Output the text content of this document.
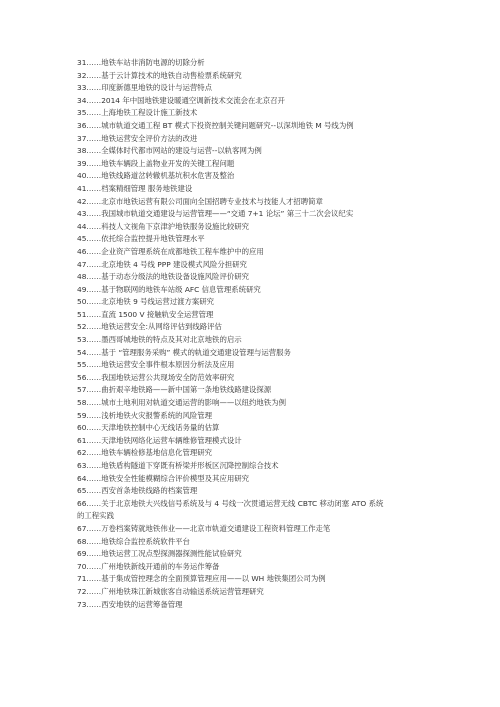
31……地铁车站非消防电源的切除分析
32……基于云计算技术的地铁自动售检票系统研究
33……印度新德里地铁的设计与运营特点
34……2014 年中国地铁建设暖通空调新技术交流会在北京召开
35……上海地铁工程设计施工新技术
36……城市轨道交通工程 BT 模式下投资控制关键问题研究--以深圳地铁 M 号线为例
37……地铁运营安全评价方法的改进
38……全媒体时代都市网站的建设与运营--以轨客网为例
39……地铁车辆段上盖物业开发的关键工程问题
40……地铁线路道岔转辙机基坑积水危害及整治
41……档案精细管理 服务地铁建设
42……北京市地铁运营有限公司面向全国招聘专业技术与技能人才招聘简章
43……我国城市轨道交通建设与运营管理——“交通 7+1 论坛” 第三十二次会议纪实
44……科技人文视角下京津沪地铁服务设施比较研究
45……依托综合监控提升地铁管理水平
46……企业资产管理系统在成都地铁工程车维护中的应用
47……北京地铁 4 号线 PPP 建设模式风险分担研究
48……基于动态分级法的地铁设备设施风险评价研究
49……基于物联网的地铁车站级 AFC 信息管理系统研究
50……北京地铁 9 号线运营过渡方案研究
51……直流 1500 V 接触轨安全运营管理
52……地铁运营安全:从网络评估到线路评估
53……墨西哥城地铁的特点及其对北京地铁的启示
54……基于 “管理服务采购” 模式的轨道交通建设管理与运营服务
55……地铁运营安全事件根本原因分析法及应用
56……我国地铁运营公共现场安全防范效率研究
57……曲折艰辛地铁路——新中国第一条地铁线路建设探源
58……城市土地利用对轨道交通运营的影响——以纽约地铁为例
59……浅析地铁火灾报警系统的风险管理
60……天津地铁控制中心无线话务量的估算
61……天津地铁网络化运营车辆维修管理模式设计
62……地铁车辆检修基地信息化管理研究
63……地铁盾构隧道下穿既有桥梁并形板区沉降控制综合技术
64……地铁安全性能模糊综合评价模型及其应用研究
65……西安首条地铁线路的档案管理
66……关于北京地铁大兴线信号系统及与 4 号线一次贯通运营无线 CBTC 移动闭塞 ATO 系统
的工程实践
67……万卷档案铸就地铁伟业——北京市轨道交通建设工程资料管理工作走笔
68……地铁综合监控系统软件平台
69……地铁运营工况点型探测器探测性能试验研究
70……广州地铁新线开通前的车务运作筹备
71……基于集成管控理念的全面预算管理应用——以 WH 地铁集团公司为例
72……广州地铁珠江新城旅客自动输送系统运营管理研究
73……西安地铁的运营筹备管理
